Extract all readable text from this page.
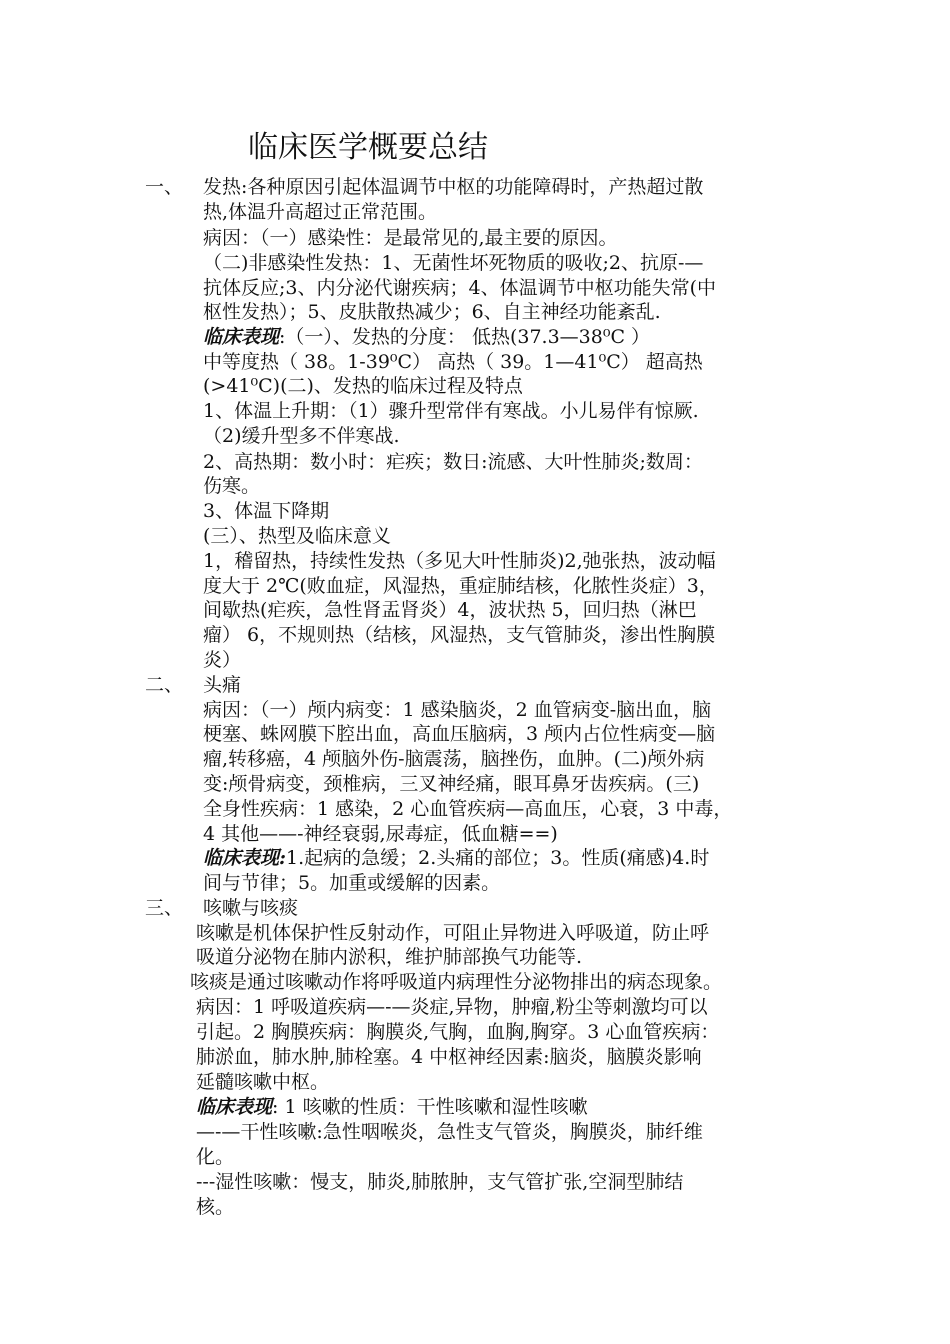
临床医学概要总结
一、 发热:各种原因引起体温调节中枢的功能障碍时，产热超过散
热,体温升高超过正常范围。
病因：（一）感染性：是最常见的,最主要的原因。
（二)非感染性发热：1、无菌性坏死物质的吸收;2、抗原-—
抗体反应;3、内分泌代谢疾病；4、体温调节中枢功能失常(中
枢性发热）；5、皮肤散热减少；6、自主神经功能紊乱.
临床表现:（一）、发热的分度： 低热(37.3—38⁰C ）
中等度热（ 38。1-39⁰C） 高热（ 39。1—41⁰C） 超高热
(>41⁰C)(二)、发热的临床过程及特点
1、体温上升期：（1）骤升型常伴有寒战。小儿易伴有惊厥.
（2)缓升型多不伴寒战.
2、高热期：数小时：疟疾；数日:流感、大叶性肺炎;数周：
伤寒。
3、体温下降期
(三）、热型及临床意义
1，稽留热，持续性发热（多见大叶性肺炎)2,弛张热，波动幅
度大于 2℃(败血症，风湿热，重症肺结核，化脓性炎症）3，
间歇热(疟疾，急性肾盂肾炎）4，波状热 5，回归热（淋巴
瘤） 6，不规则热（结核，风湿热，支气管肺炎，渗出性胸膜
炎）
二、 头痛
病因：（一）颅内病变：1 感染脑炎，2 血管病变-脑出血，脑
梗塞、蛛网膜下腔出血，高血压脑病，3 颅内占位性病变—脑
瘤,转移癌，4 颅脑外伤-脑震荡，脑挫伤，血肿。(二)颅外病
变:颅骨病变，颈椎病，三叉神经痛，眼耳鼻牙齿疾病。(三)
全身性疾病：1 感染，2 心血管疾病—高血压，心衰，3 中毒，
4 其他——-神经衰弱,尿毒症，低血糖==)
临床表现:1.起病的急缓；2.头痛的部位；3。性质(痛感)4.时
间与节律；5。加重或缓解的因素。
三、 咳嗽与咳痰
咳嗽是机体保护性反射动作，可阻止异物进入呼吸道，防止呼
吸道分泌物在肺内淤积，维护肺部换气功能等.
咳痰是通过咳嗽动作将呼吸道内病理性分泌物排出的病态现象。
病因：1 呼吸道疾病—-—炎症,异物，肿瘤,粉尘等刺激均可以
引起。2 胸膜疾病：胸膜炎,气胸，血胸,胸穿。3 心血管疾病：
肺淤血，肺水肿,肺栓塞。4 中枢神经因素:脑炎，脑膜炎影响
延髓咳嗽中枢。
临床表现: 1 咳嗽的性质：干性咳嗽和湿性咳嗽
—-—干性咳嗽:急性咽喉炎，急性支气管炎，胸膜炎，肺纤维
化。
---湿性咳嗽：慢支，肺炎,肺脓肿，支气管扩张,空洞型肺结
核。
